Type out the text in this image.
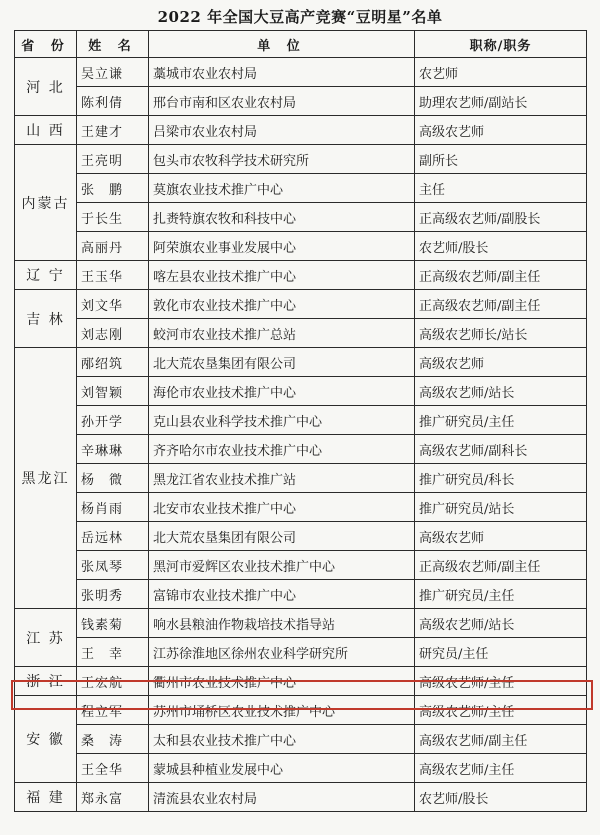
2022 年全国大豆高产竞赛“豆明星”名单
省 份	姓 名	单 位	职称/职务
河 北	吴立谦	藁城市农业农村局	农艺师
	陈利倩	邢台市南和区农业农村局	助理农艺师/副站长
山 西	王建才	吕梁市农业农村局	高级农艺师
内蒙古	王亮明	包头市农牧科学技术研究所	副所长
	张　鹏	莫旗农业技术推广中心	主任
	于长生	扎赉特旗农牧和科技中心	正高级农艺师/副股长
	高丽丹	阿荣旗农业事业发展中心	农艺师/股长
辽 宁	王玉华	喀左县农业技术推广中心	正高级农艺师/副主任
吉 林	刘文华	敦化市农业技术推广中心	正高级农艺师/副主任
	刘志刚	蛟河市农业技术推广总站	高级农艺师长/站长
黑龙江	邴绍筑	北大荒农垦集团有限公司	高级农艺师
	刘智颖	海伦市农业技术推广中心	高级农艺师/站长
	孙开学	克山县农业科学技术推广中心	推广研究员/主任
	辛琳琳	齐齐哈尔市农业技术推广中心	高级农艺师/副科长
	杨　微	黑龙江省农业技术推广站	推广研究员/科长
	杨肖雨	北安市农业技术推广中心	推广研究员/站长
	岳远林	北大荒农垦集团有限公司	高级农艺师
	张凤琴	黑河市爱辉区农业技术推广中心	正高级农艺师/副主任
	张明秀	富锦市农业技术推广中心	推广研究员/主任
江 苏	钱素菊	响水县粮油作物栽培技术指导站	高级农艺师/站长
	王　幸	江苏徐淮地区徐州农业科学研究所	研究员/主任
浙 江	王宏航	衢州市农业技术推广中心	高级农艺师/主任
安 徽	程立军	苏州市埇桥区农业技术推广中心	高级农艺师/主任
	桑　涛	太和县农业技术推广中心	高级农艺师/副主任
	王全华	蒙城县种植业发展中心	高级农艺师/主任
福 建	郑永富	清流县农业农村局	农艺师/股长
